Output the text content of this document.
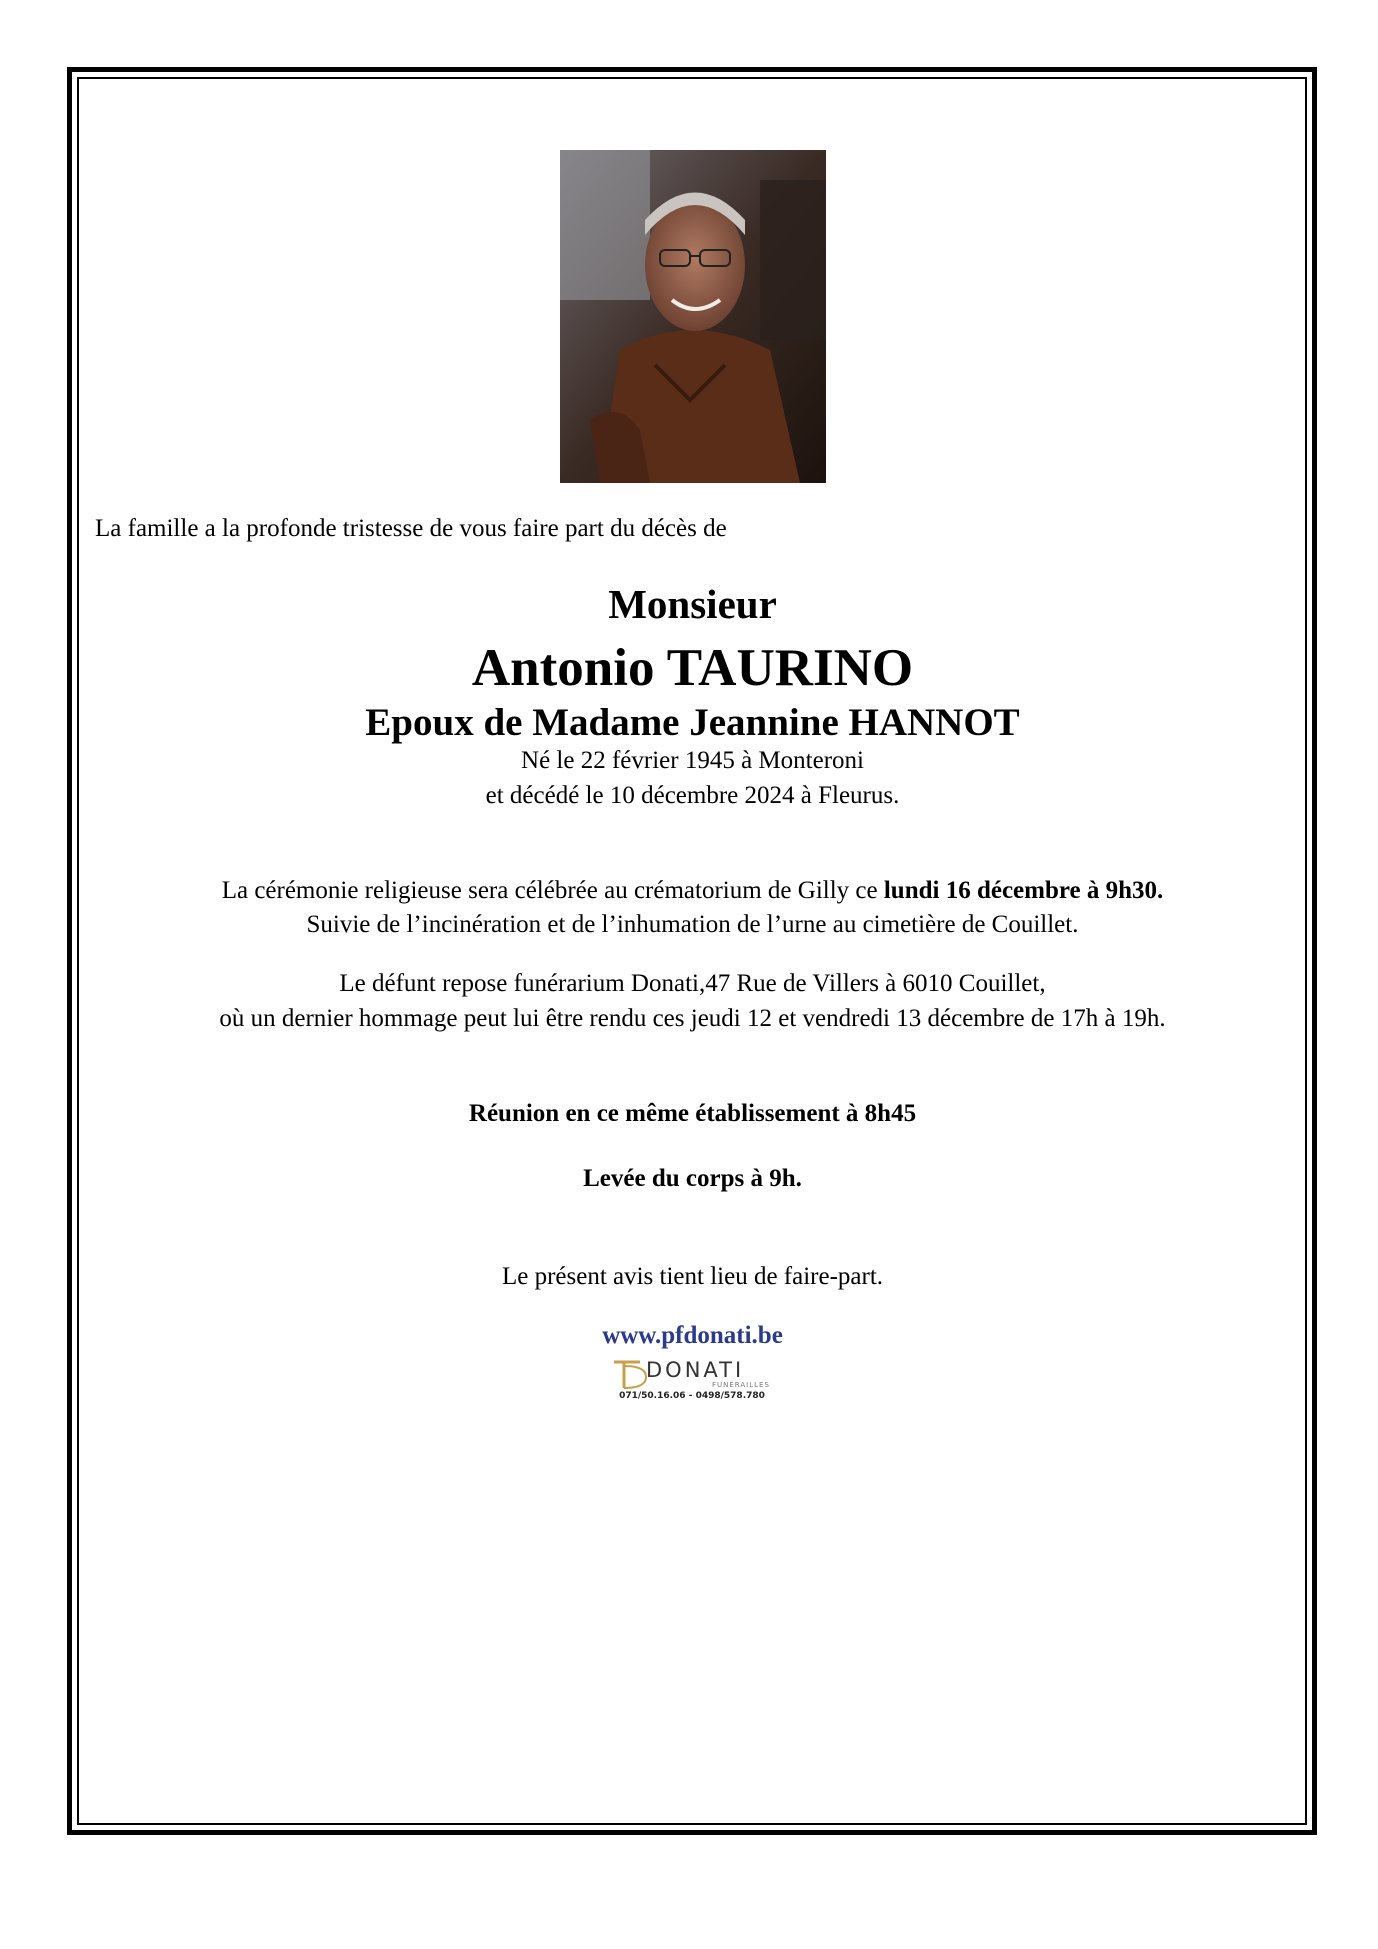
La famille a la profonde tristesse de vous faire part du décès de
Monsieur
Antonio TAURINO
Epoux de Madame Jeannine HANNOT
Né le 22 février 1945 à Monteroni
et décédé le 10 décembre 2024 à Fleurus.
La cérémonie religieuse sera célébrée au crématorium de Gilly ce lundi 16 décembre à 9h30.
Suivie de l’incinération et de l’inhumation de l’urne au cimetière de Couillet.
Le défunt repose funérarium Donati,47 Rue de Villers à 6010 Couillet,
où un dernier hommage peut lui être rendu ces jeudi 12 et vendredi 13 décembre de 17h à 19h.
Réunion en ce même établissement à 8h45
Levée du corps à 9h.
Le présent avis tient lieu de faire-part.
www.pfdonati.be
DONATI
FUNÉRAILLES
071/50.16.06 - 0498/578.780
